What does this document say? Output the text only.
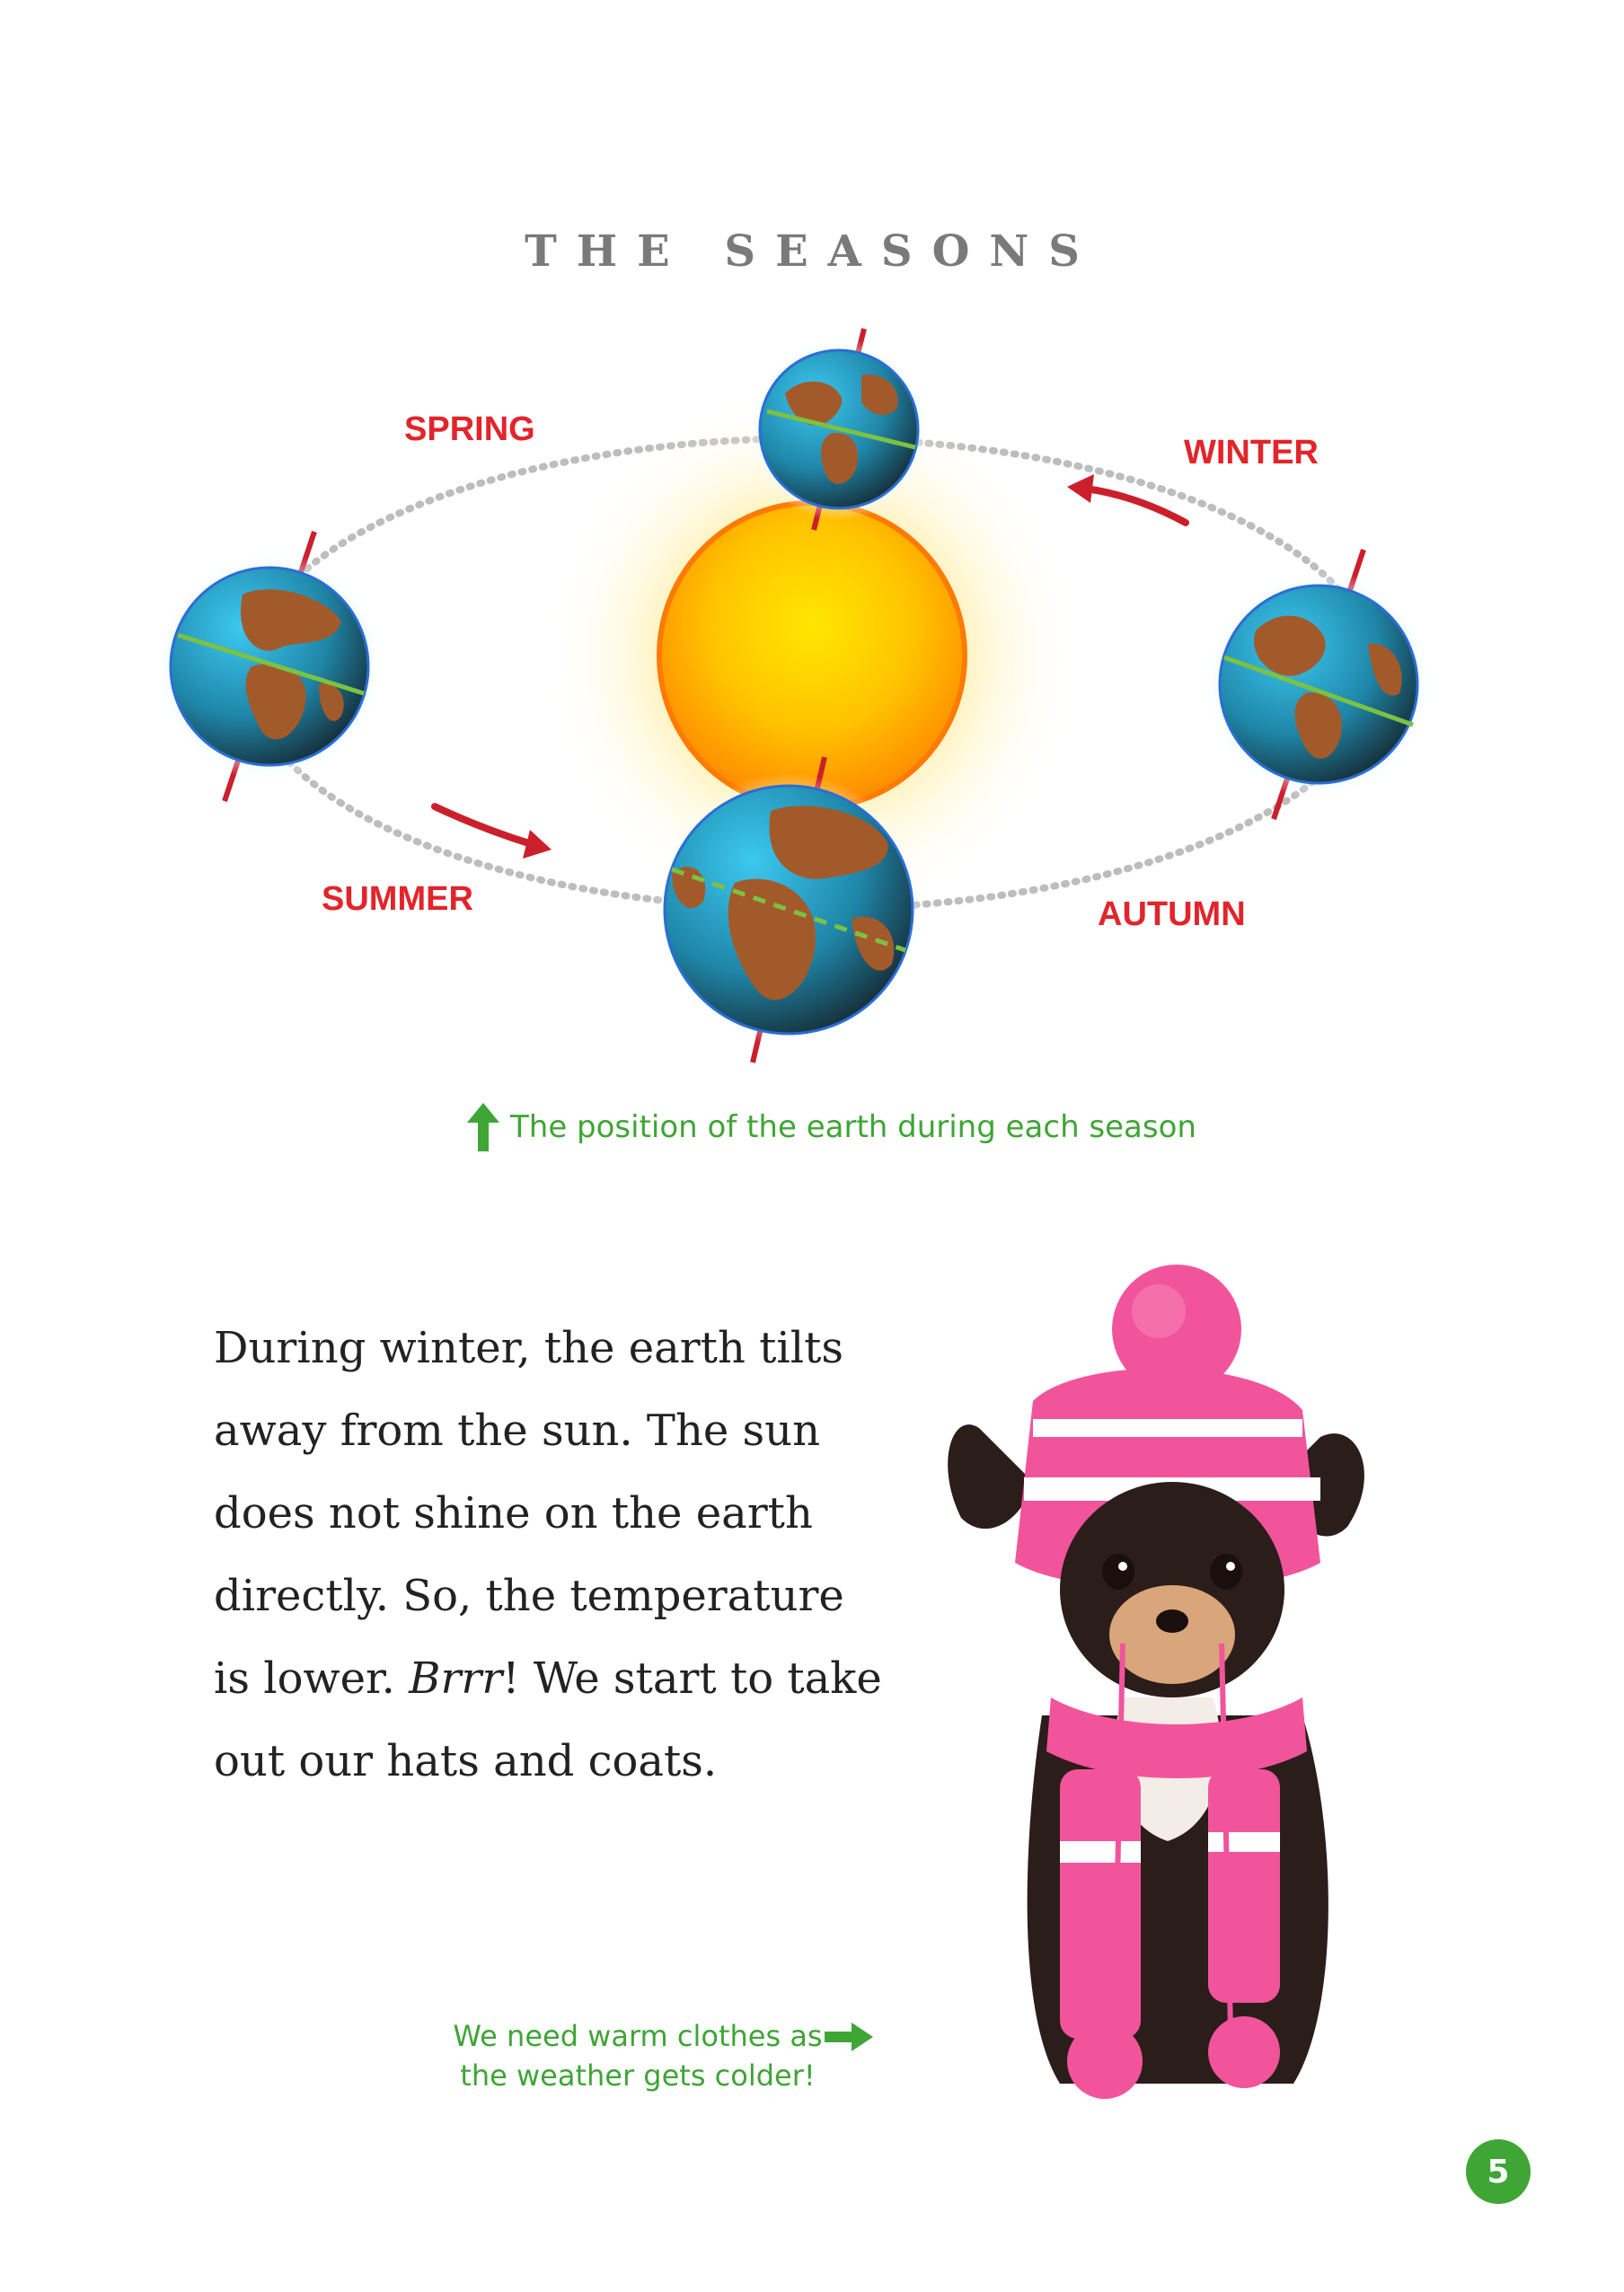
THE SEASONS
SPRING
WINTER
SUMMER	AUTUMN
The position of the earth during each season
During winter, the earth tilts
away from the sun. The sun
does not shine on the earth
directly. So, the temperature
is lower. Brrr! We start to take
out our hats and coats.
We need warm clothes as
the weather gets colder!
5
